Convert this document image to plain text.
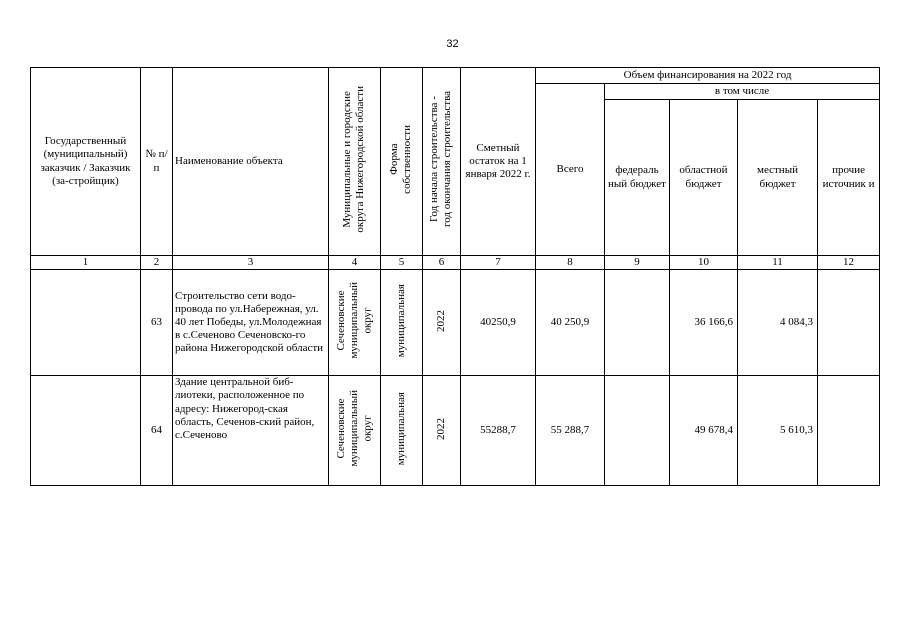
32
Государственный (муниципальный) заказчик / Заказчик (за-стройщик)	№ п/п	Наименование объекта	Муниципальные и городские
округа Нижегородской области	Форма
собственности	Год начала строительства -
год окончания строительства	Сметный остаток на 1 января 2022 г.	Объем финансирования на 2022 год				
							Всего	в том числе			
								федераль ный бюджет	областной бюджет	местный бюджет	прочие источник и
1	2	3	4	5	6	7	8	9	10	11	12
	63	Строительство сети водо-провода по ул.Набережная, ул. 40 лет Победы, ул.Молодежная в с.Сеченово Сеченовско-го района Нижегородской области	Сеченовские
муниципальный
округ	муниципальная	2022	40250,9	40 250,9		36 166,6	4 084,3	
	64	Здание центральной биб-лиотеки, расположенное по адресу: Нижегород-ская область, Сеченов-ский район, с.Сеченово	Сеченовские
муниципальный
округ	муниципальная	2022	55288,7	55 288,7		49 678,4	5 610,3	
